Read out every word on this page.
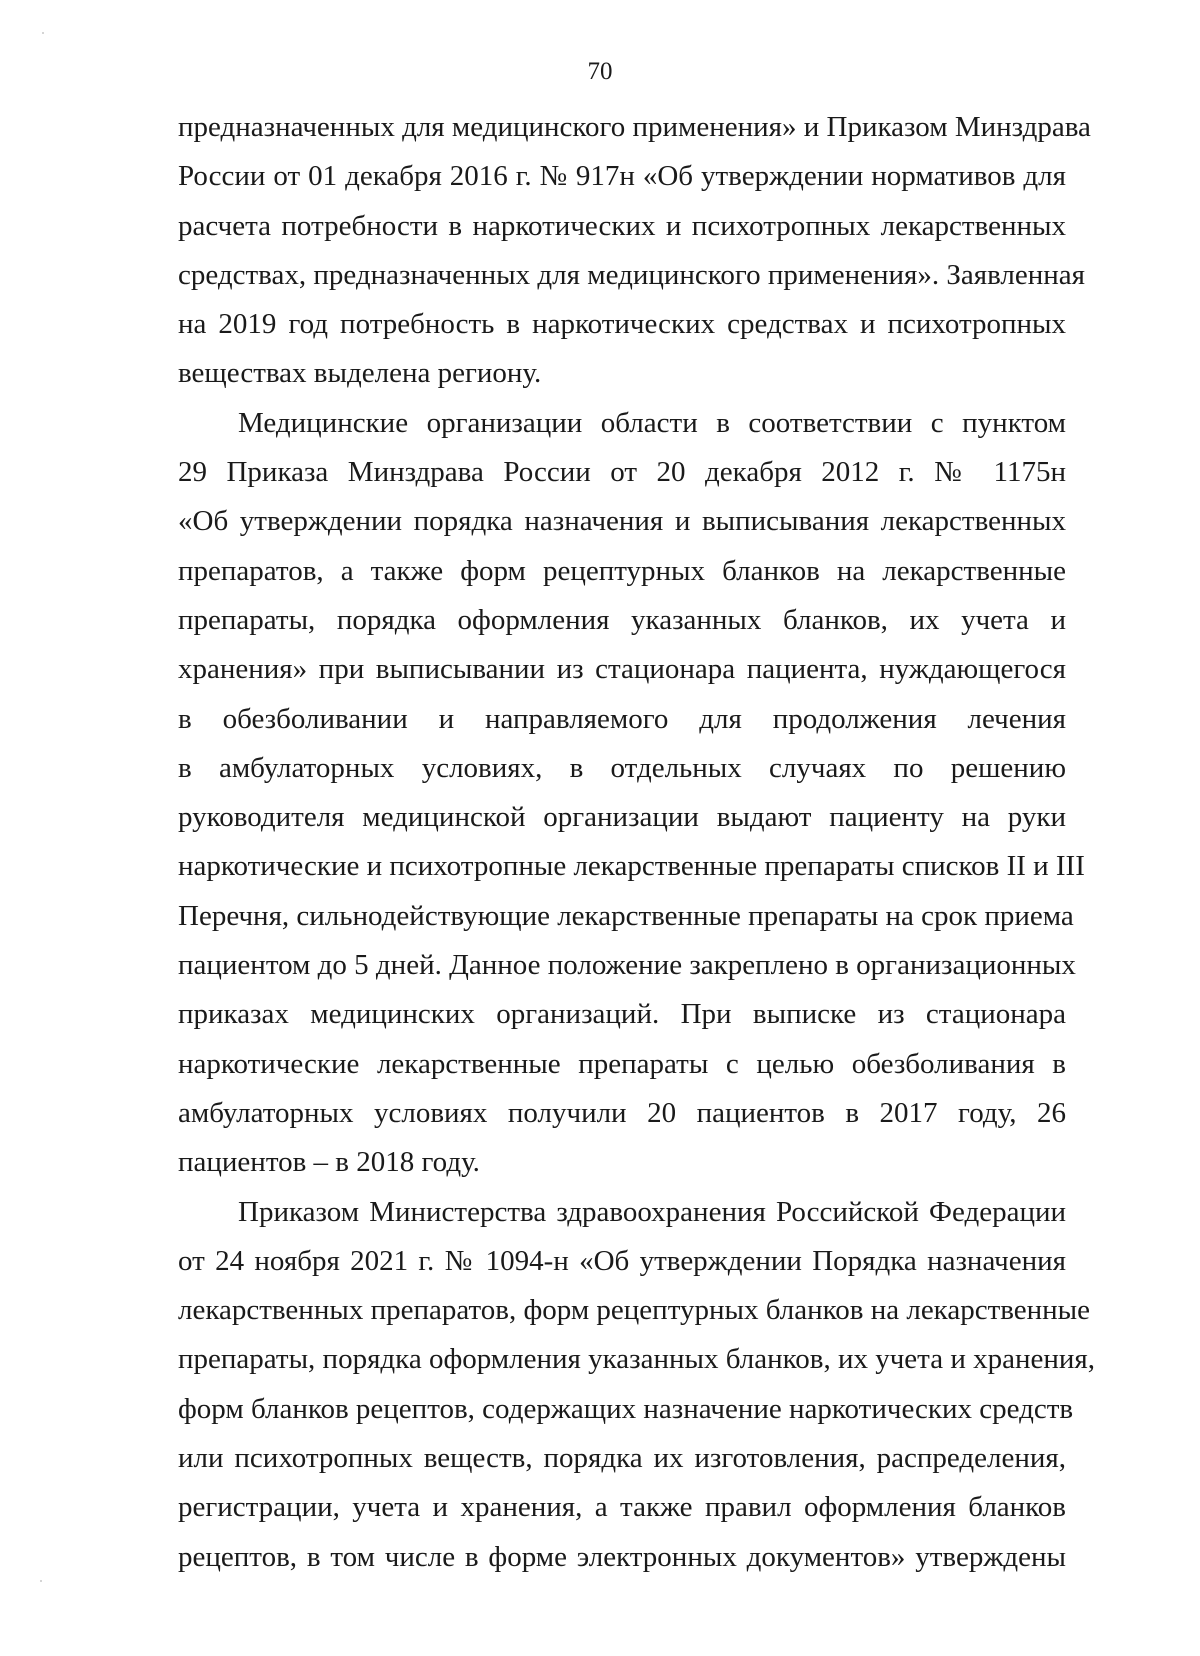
70
предназначенных для медицинского применения» и Приказом Минздрава
России от 01 декабря 2016 г. № 917н «Об утверждении нормативов для
расчета потребности в наркотических и психотропных лекарственных
средствах, предназначенных для медицинского применения». Заявленная
на 2019 год потребность в наркотических средствах и психотропных
веществах выделена региону.
Медицинские организации области в соответствии с пунктом
29 Приказа Минздрава России от 20 декабря 2012 г. № 1175н
«Об утверждении порядка назначения и выписывания лекарственных
препаратов, а также форм рецептурных бланков на лекарственные
препараты, порядка оформления указанных бланков, их учета и
хранения» при выписывании из стационара пациента, нуждающегося
в обезболивании и направляемого для продолжения лечения
в амбулаторных условиях, в отдельных случаях по решению
руководителя медицинской организации выдают пациенту на руки
наркотические и психотропные лекарственные препараты списков II и III
Перечня, сильнодействующие лекарственные препараты на срок приема
пациентом до 5 дней. Данное положение закреплено в организационных
приказах медицинских организаций. При выписке из стационара
наркотические лекарственные препараты с целью обезболивания в
амбулаторных условиях получили 20 пациентов в 2017 году, 26
пациентов – в 2018 году.
Приказом Министерства здравоохранения Российской Федерации
от 24 ноября 2021 г. № 1094-н «Об утверждении Порядка назначения
лекарственных препаратов, форм рецептурных бланков на лекарственные
препараты, порядка оформления указанных бланков, их учета и хранения,
форм бланков рецептов, содержащих назначение наркотических средств
или психотропных веществ, порядка их изготовления, распределения,
регистрации, учета и хранения, а также правил оформления бланков
рецептов, в том числе в форме электронных документов» утверждены
